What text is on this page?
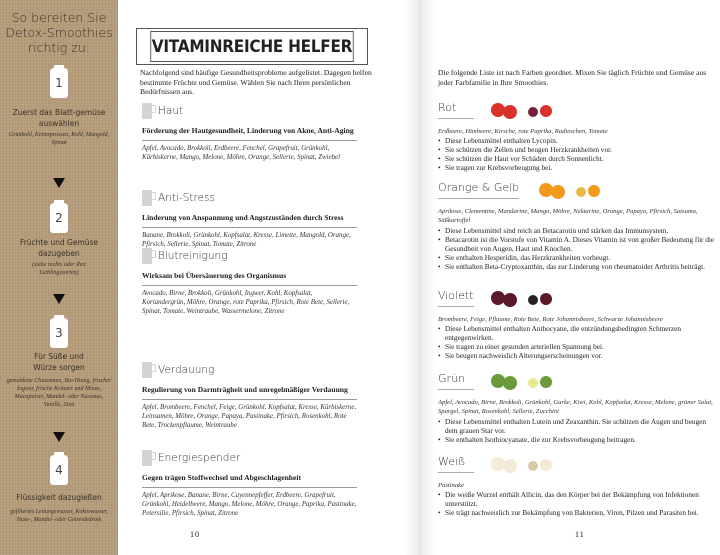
So bereiten Sie Detox-Smoothies richtig zu:
1
Zuerst das Blatt-gemüse auswählen
Grünkohl, Keimsprossen, Kohl, Mangold, Spinat
2
Früchte und Gemüse dazugeben
(siehe rechts oder Ihre Lieblingssorten)
3
Für Süße und Würze sorgen
gemahlene Chiasamen, Bio-Honig, frischer Ingwer, frische Kräuter und Minze, Macapulver, Mandel- oder Nussmus, Vanille, Zimt
4
Flüssigkeit dazugießen
gefiltertes Leitungswasser, Kokoswasser, Nuss-, Mandel- oder Getreidedrink
VITAMINREICHE HELFER
Nachfolgend sind häufige Gesundheitsprobleme aufgelistet. Dagegen helfen bestimmte Früchte und Gemüse. Wählen Sie nach Ihren persönlichen Bedürfnissen aus.
Haut
Förderung der Hautgesundheit, Linderung von Akne, Anti-Aging
Apfel, Avocado, Brokkoli, Erdbeere, Fenchel, Grapefruit, Grünkohl, Kürbiskerne, Mango, Melone, Möhre, Orange, Sellerie, Spinat, Zwiebel
Anti-Stress
Linderung von Anspannung und Angstzuständen durch Stress
Banane, Brokkoli, Grünkohl, Kopfsalat, Kresse, Limette, Mangold, Orange, Pfirsich, Sellerie, Spinat, Tomate, Zitrone
Blutreinigung
Wirksam bei Übersäuerung des Organismus
Avocado, Birne, Brokkoli, Grünkohl, Ingwer, Kohl, Kopfsalat, Koriandergrün, Möhre, Orange, rote Paprika, Pfirsich, Rote Bete, Sellerie, Spinat, Tomate, Weintraube, Wassermelone, Zitrone
Verdauung
Regulierung von Darmträgheit und unregelmäßiger Verdauung
Apfel, Brombeere, Fenchel, Feige, Grünkohl, Kopfsalat, Kresse, Kürbiskerne, Leinsamen, Möhre, Orange, Papaya, Pastinake, Pfirsich, Rosenkohl, Rote Bete, Trockenpflaume, Weintraube
Energiespender
Gegen trägen Stoffwechsel und Abgeschlagenheit
Apfel, Aprikose, Banane, Birne, Cayennepfeffer, Erdbeere, Grapefruit, Grünkohl, Heidelbeere, Mango, Melone, Möhre, Orange, Paprika, Pastinake, Petersilie, Pfirsich, Spinat, Zitrone
10
Die folgende Liste ist nach Farben geordnet. Mixen Sie täglich Früchte und Gemüse aus jeder Farbfamilie in Ihre Smoothies.
Rot
Erdbeere, Himbeere, Kirsche, rote Paprika, Radieschen, Tomate
• Diese Lebensmittel enthalten Lycopin.
• Sie schützen die Zellen und beugen Herzkrankheiten vor.
• Sie schützen die Haut vor Schäden durch Sonnenlicht.
• Sie tragen zur Krebsvorbeugung bei.
Orange & Gelb
Aprikose, Clementine, Mandarine, Mango, Möhre, Nektarine, Orange, Papaya, Pfirsich, Satsuma, Süßkartoffel
• Diese Lebensmittel sind reich an Betacarotin und stärken das Immunsystem.
• Betacarotin ist die Vorstufe von Vitamin A. Dieses Vitamin ist von großer Bedeutung für die Gesundheit von Augen, Haut und Knochen.
• Sie enthalten Hesperidin, das Herzkrankheiten vorbeugt.
• Sie enthalten Beta-Cryptoxanthin, das zur Linderung von rheumatoider Arthritis beiträgt.
Violett
Brombeere, Feige, Pflaume, Rote Bete, Rote Johannisbeere, Schwarze Johannisbeere
• Diese Lebensmittel enthalten Anthocyane, die entzündungsbedingten Schmerzen entgegenwirken.
• Sie tragen zu einer gesunden arteriellen Spannung bei.
• Sie beugen nachweislich Alterungserscheinungen vor.
Grün
Apfel, Avocado, Birne, Brokkoli, Grünkohl, Gurke, Kiwi, Kohl, Kopfsalat, Kresse, Melone, grüner Salat, Spargel, Spinat, Rosenkohl, Sellerie, Zucchini
• Diese Lebensmittel enthalten Lutein und Zeaxanthin. Sie schützen die Augen und beugen dem grauen Star vor.
• Sie enthalten Isothiocyanate, die zur Krebsvorbeugung beitragen.
Weiß
Pastinake
• Die weiße Wurzel enthält Allicin, das den Körper bei der Bekämpfung von Infektionen unterstützt.
• Sie trägt nachweislich zur Bekämpfung von Bakterien, Viren, Pilzen und Parasiten bei.
11
